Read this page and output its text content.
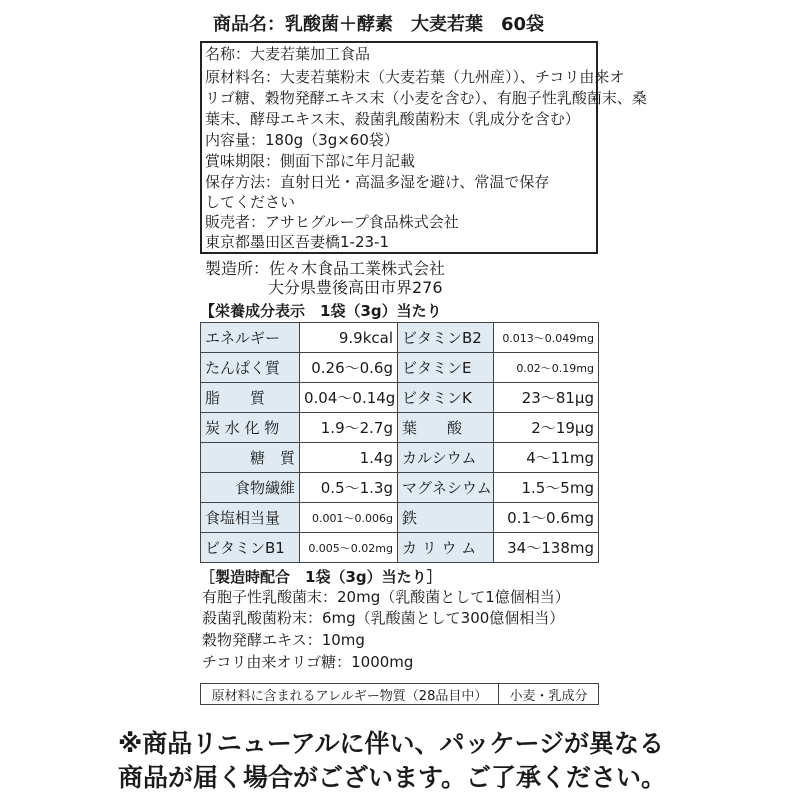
商品名：乳酸菌＋酵素　大麦若葉　60袋
名称：大麦若葉加工食品
原材料名：大麦若葉粉末（大麦若葉（九州産））、チコリ由来オ
リゴ糖、穀物発酵エキス末（小麦を含む）、有胞子性乳酸菌末、桑
葉末、酵母エキス末、殺菌乳酸菌粉末（乳成分を含む）
内容量：180g（3g×60袋）
賞味期限：側面下部に年月記載
保存方法：直射日光・高温多湿を避け、常温で保存
してください
販売者：アサヒグループ食品株式会社
東京都墨田区吾妻橋1-23-1
製造所：佐々木食品工業株式会社
大分県豊後高田市界276
【栄養成分表示　1袋（3g）当たり
エネルギー	9.9kcal	ビタミンB2	0.013～0.049mg
たんぱく質	0.26～0.6g	ビタミンE	0.02～0.19mg
脂　　質	0.04～0.14g	ビタミンK	23～81μg
炭 水 化 物	1.9～2.7g	葉　　酸	2～19μg
糖　質	1.4g	カルシウム	4～11mg
食物繊維	0.5～1.3g	マグネシウム	1.5～5mg
食塩相当量	0.001～0.006g	鉄	0.1～0.6mg
ビタミンB1	0.005～0.02mg	カ リ ウ ム	34～138mg
［製造時配合　1袋（3g）当たり］
有胞子性乳酸菌末：20mg（乳酸菌として1億個相当）
殺菌乳酸菌粉末：6mg（乳酸菌として300億個相当）
穀物発酵エキス：10mg
チコリ由来オリゴ糖：1000mg
原材料に含まれるアレルギー物質（28品目中）	小麦・乳成分
※商品リニューアルに伴い、パッケージが異なる
商品が届く場合がございます。ご了承ください。
